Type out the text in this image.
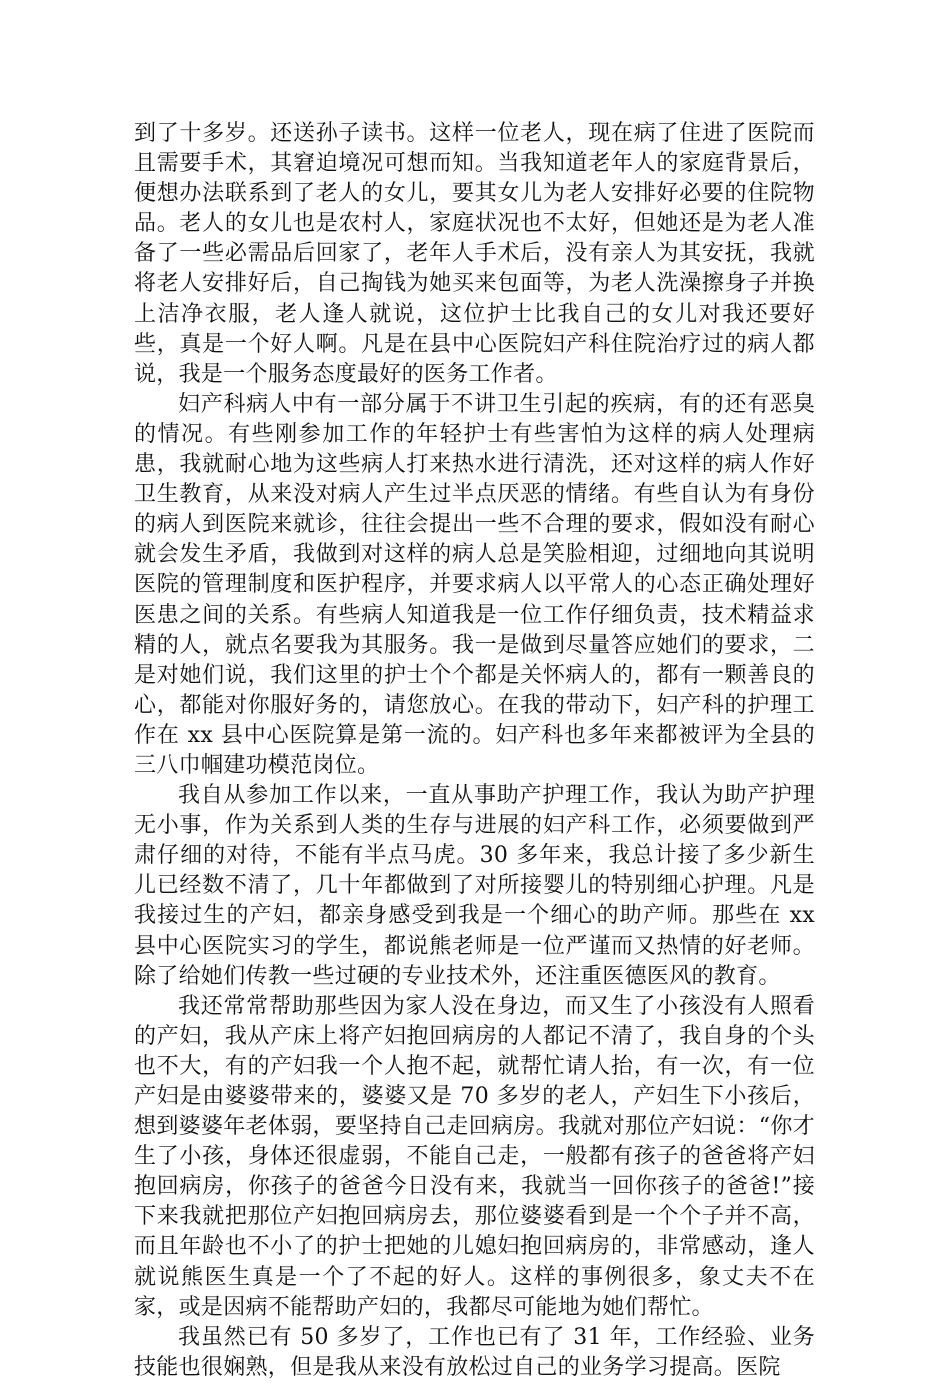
到了十多岁。还送孙子读书。这样一位老人，现在病了住进了医院而且需要手术，其窘迫境况可想而知。当我知道老年人的家庭背景后，便想办法联系到了老人的女儿，要其女儿为老人安排好必要的住院物品。老人的女儿也是农村人，家庭状况也不太好，但她还是为老人准备了一些必需品后回家了，老年人手术后，没有亲人为其安抚，我就将老人安排好后，自己掏钱为她买来包面等，为老人洗澡擦身子并换上洁净衣服，老人逢人就说，这位护士比我自己的女儿对我还要好些，真是一个好人啊。凡是在县中心医院妇产科住院治疗过的病人都说，我是一个服务态度最好的医务工作者。

妇产科病人中有一部分属于不讲卫生引起的疾病，有的还有恶臭的情况。有些刚参加工作的年轻护士有些害怕为这样的病人处理病患，我就耐心地为这些病人打来热水进行清洗，还对这样的病人作好卫生教育，从来没对病人产生过半点厌恶的情绪。有些自认为有身份的病人到医院来就诊，往往会提出一些不合理的要求，假如没有耐心就会发生矛盾，我做到对这样的病人总是笑脸相迎，过细地向其说明医院的管理制度和医护程序，并要求病人以平常人的心态正确处理好医患之间的关系。有些病人知道我是一位工作仔细负责，技术精益求精的人，就点名要我为其服务。我一是做到尽量答应她们的要求，二是对她们说，我们这里的护士个个都是关怀病人的，都有一颗善良的心，都能对你服好务的，请您放心。在我的带动下，妇产科的护理工作在 xx 县中心医院算是第一流的。妇产科也多年来都被评为全县的三八巾帼建功模范岗位。

我自从参加工作以来，一直从事助产护理工作，我认为助产护理无小事，作为关系到人类的生存与进展的妇产科工作，必须要做到严肃仔细的对待，不能有半点马虎。30 多年来，我总计接了多少新生儿已经数不清了，几十年都做到了对所接婴儿的特别细心护理。凡是我接过生的产妇，都亲身感受到我是一个细心的助产师。那些在 xx 县中心医院实习的学生，都说熊老师是一位严谨而又热情的好老师。除了给她们传教一些过硬的专业技术外，还注重医德医风的教育。

我还常常帮助那些因为家人没在身边，而又生了小孩没有人照看的产妇，我从产床上将产妇抱回病房的人都记不清了，我自身的个头也不大，有的产妇我一个人抱不起，就帮忙请人抬，有一次，有一位产妇是由婆婆带来的，婆婆又是 70 多岁的老人，产妇生下小孩后，想到婆婆年老体弱，要坚持自己走回病房。我就对那位产妇说：“你才生了小孩，身体还很虚弱，不能自己走，一般都有孩子的爸爸将产妇抱回病房，你孩子的爸爸今日没有来，我就当一回你孩子的爸爸!”接下来我就把那位产妇抱回病房去，那位婆婆看到是一个个子并不高，而且年龄也不小了的护士把她的儿媳妇抱回病房的，非常感动，逢人就说熊医生真是一个了不起的好人。这样的事例很多，象丈夫不在家，或是因病不能帮助产妇的，我都尽可能地为她们帮忙。

我虽然已有 50 多岁了，工作也已有了 31 年，工作经验、业务技能也很娴熟，但是我从来没有放松过自己的业务学习提高。医院
